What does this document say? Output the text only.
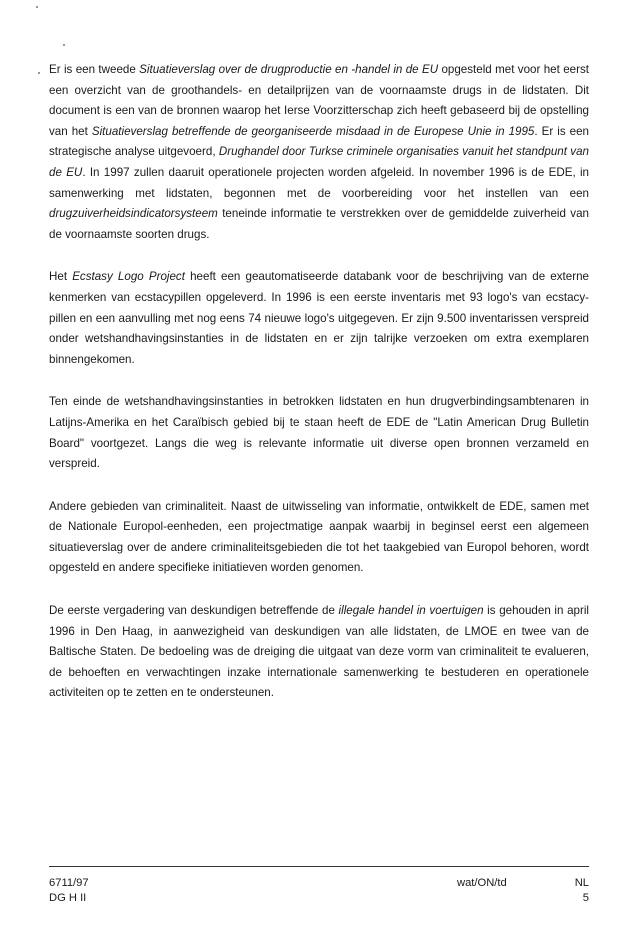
Er is een tweede Situatieverslag over de drugproductie en -handel in de EU opgesteld met voor het eerst een overzicht van de groothandels- en detailprijzen van de voornaamste drugs in de lidstaten. Dit document is een van de bronnen waarop het Ierse Voorzitterschap zich heeft gebaseerd bij de opstelling van het Situatieverslag betreffende de georganiseerde misdaad in de Europese Unie in 1995. Er is een strategische analyse uitgevoerd, Drughandel door Turkse criminele organisaties vanuit het standpunt van de EU. In 1997 zullen daaruit operationele projecten worden afgeleid. In november 1996 is de EDE, in samenwerking met lidstaten, begonnen met de voorbereiding voor het instellen van een drugzuiverheidsindicatorsysteem teneinde informatie te verstrekken over de gemiddelde zuiverheid van de voornaamste soorten drugs.

Het Ecstasy Logo Project heeft een geautomatiseerde databank voor de beschrijving van de externe kenmerken van ecstacypillen opgeleverd. In 1996 is een eerste inventaris met 93 logo's van ecstacy-pillen en een aanvulling met nog eens 74 nieuwe logo's uitgegeven. Er zijn 9.500 inventarissen verspreid onder wetshandhavingsinstanties in de lidstaten en er zijn talrijke verzoeken om extra exemplaren binnengekomen.

Ten einde de wetshandhavingsinstanties in betrokken lidstaten en hun drugverbindingsambtenaren in Latijns-Amerika en het Caraïbisch gebied bij te staan heeft de EDE de "Latin American Drug Bulletin Board" voortgezet. Langs die weg is relevante informatie uit diverse open bronnen verzameld en verspreid.

Andere gebieden van criminaliteit. Naast de uitwisseling van informatie, ontwikkelt de EDE, samen met de Nationale Europol-eenheden, een projectmatige aanpak waarbij in beginsel eerst een algemeen situatieverslag over de andere criminaliteitsgebieden die tot het taakgebied van Europol behoren, wordt opgesteld en andere specifieke initiatieven worden genomen.

De eerste vergadering van deskundigen betreffende de illegale handel in voertuigen is gehouden in april 1996 in Den Haag, in aanwezigheid van deskundigen van alle lidstaten, de LMOE en twee van de Baltische Staten. De bedoeling was de dreiging die uitgaat van deze vorm van criminaliteit te evalueren, de behoeften en verwachtingen inzake internationale samenwerking te bestuderen en operationele activiteiten op te zetten en te ondersteunen.

6711/97
DG H II
wat/ON/td	NL
5
